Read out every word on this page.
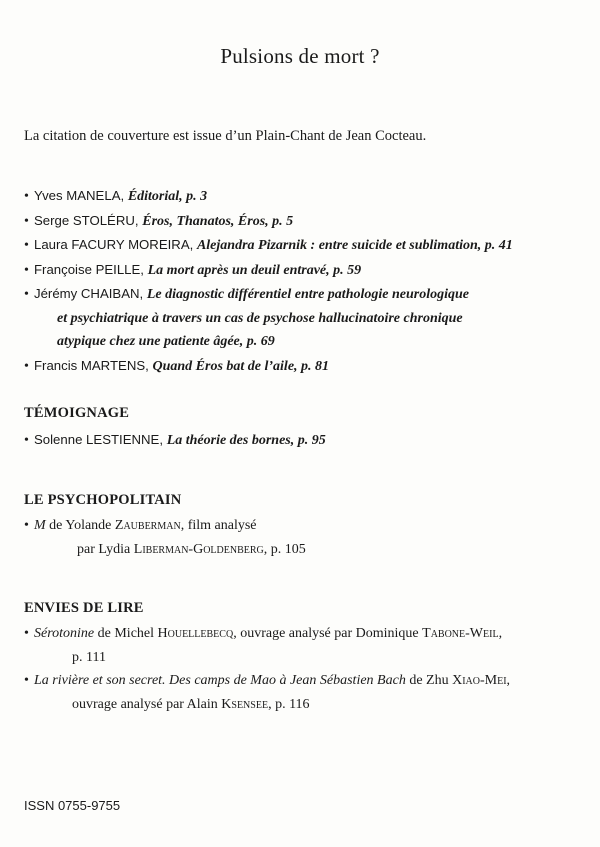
Pulsions de mort ?
La citation de couverture est issue d’un Plain-Chant de Jean Cocteau.
• Yves MANELA, Éditorial, p. 3
• Serge STOLÉRU, Éros, Thanatos, Éros, p. 5
• Laura FACURY MOREIRA, Alejandra Pizarnik : entre suicide et sublimation, p. 41
• Françoise PEILLE, La mort après un deuil entravé, p. 59
• Jérémy CHAIBAN, Le diagnostic différentiel entre pathologie neurologique
et psychiatrique à travers un cas de psychose hallucinatoire chronique
atypique chez une patiente âgée, p. 69
• Francis MARTENS, Quand Éros bat de l’aile, p. 81
TÉMOIGNAGE
• Solenne LESTIENNE, La théorie des bornes, p. 95
LE PSYCHOPOLITAIN
• M de Yolande Zauberman, film analysé
par Lydia Liberman-Goldenberg, p. 105
ENVIES DE LIRE
• Sérotonine de Michel Houellebecq, ouvrage analysé par Dominique Tabone-Weil,
p. 111
• La rivière et son secret. Des camps de Mao à Jean Sébastien Bach de Zhu Xiao-Mei,
ouvrage analysé par Alain Ksensee, p. 116
ISSN 0755-9755
